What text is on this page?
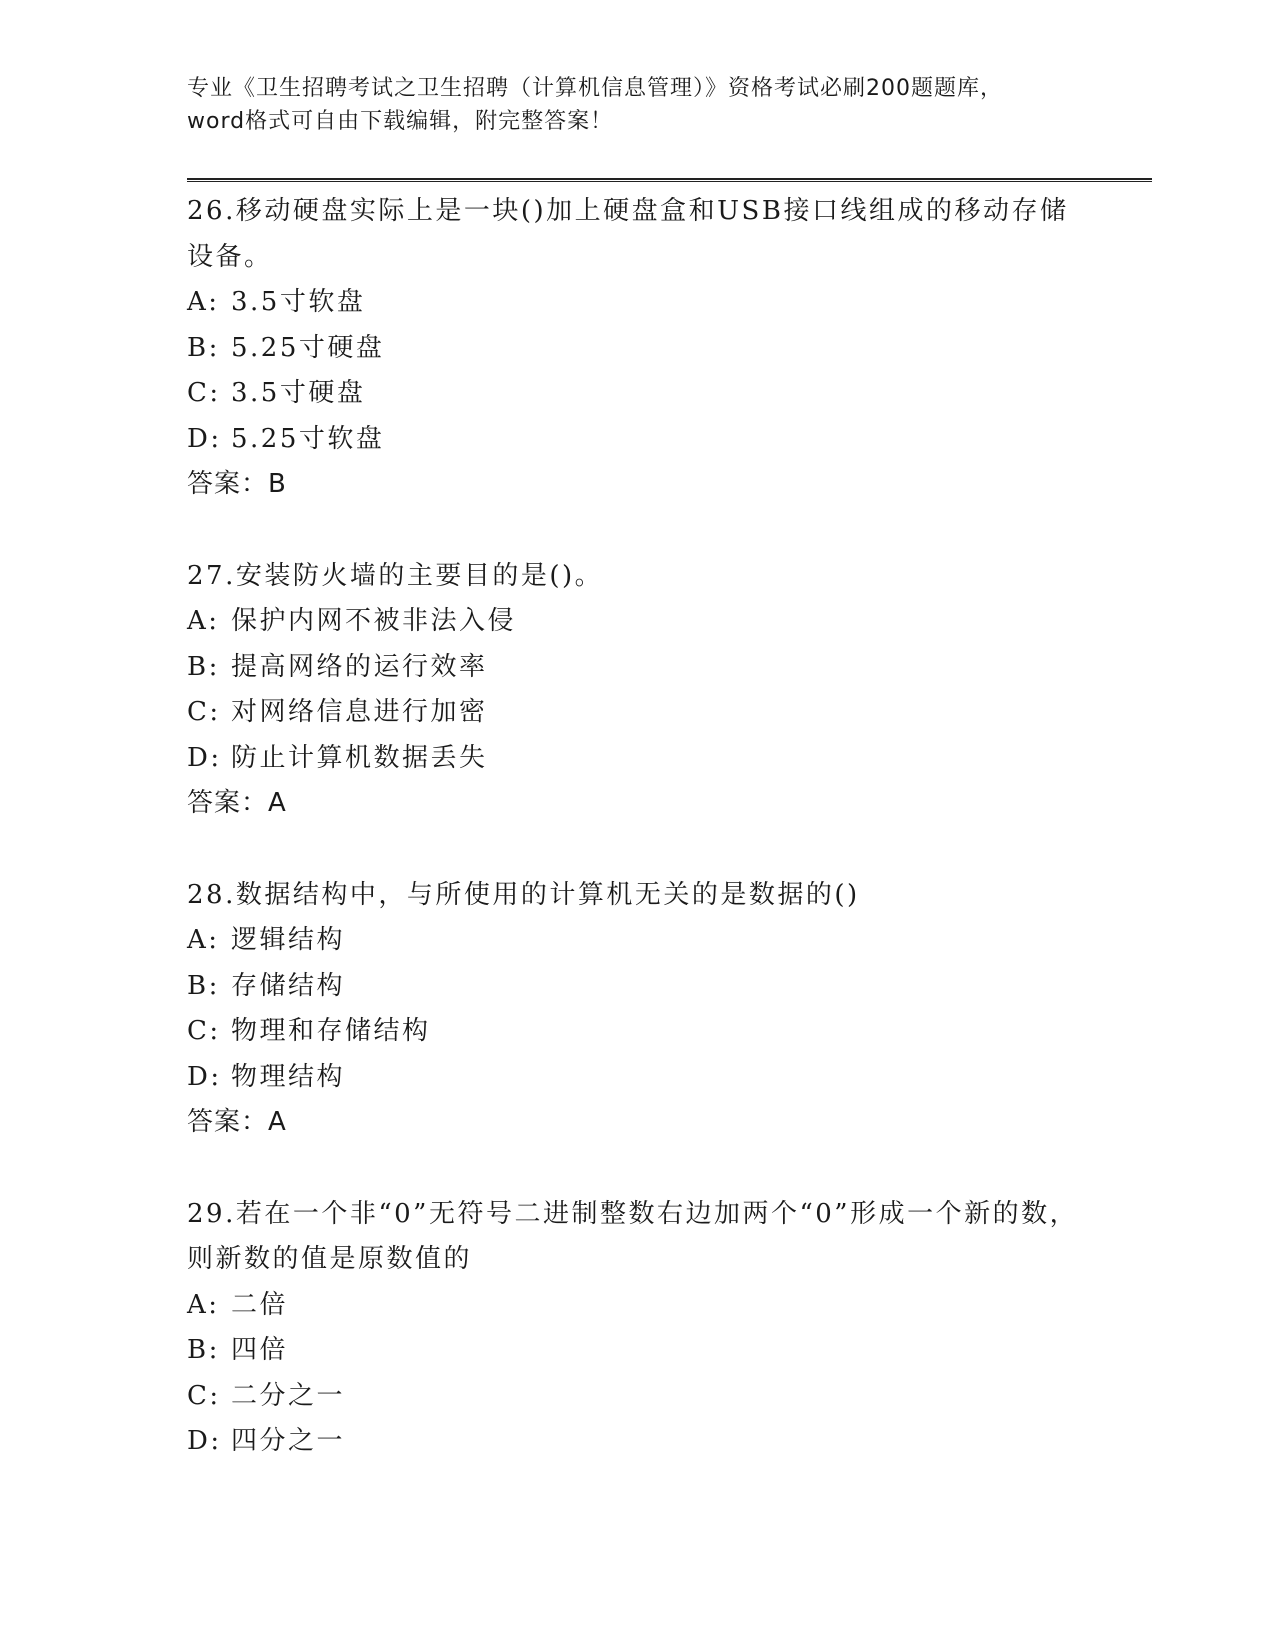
专业《卫生招聘考试之卫生招聘（计算机信息管理）》资格考试必刷200题题库，
word格式可自由下载编辑，附完整答案！

26.移动硬盘实际上是一块()加上硬盘盒和USB接口线组成的移动存储设备。

A: 3.5寸软盘

B: 5.25寸硬盘

C: 3.5寸硬盘

D: 5.25寸软盘

答案：B

27.安装防火墙的主要目的是()。

A: 保护内网不被非法入侵

B: 提高网络的运行效率

C: 对网络信息进行加密

D: 防止计算机数据丢失

答案：A

28.数据结构中，与所使用的计算机无关的是数据的()

A: 逻辑结构

B: 存储结构

C: 物理和存储结构

D: 物理结构

答案：A

29.若在一个非“0”无符号二进制整数右边加两个“0”形成一个新的数，则新数的值是原数值的

A: 二倍

B: 四倍

C: 二分之一

D: 四分之一
